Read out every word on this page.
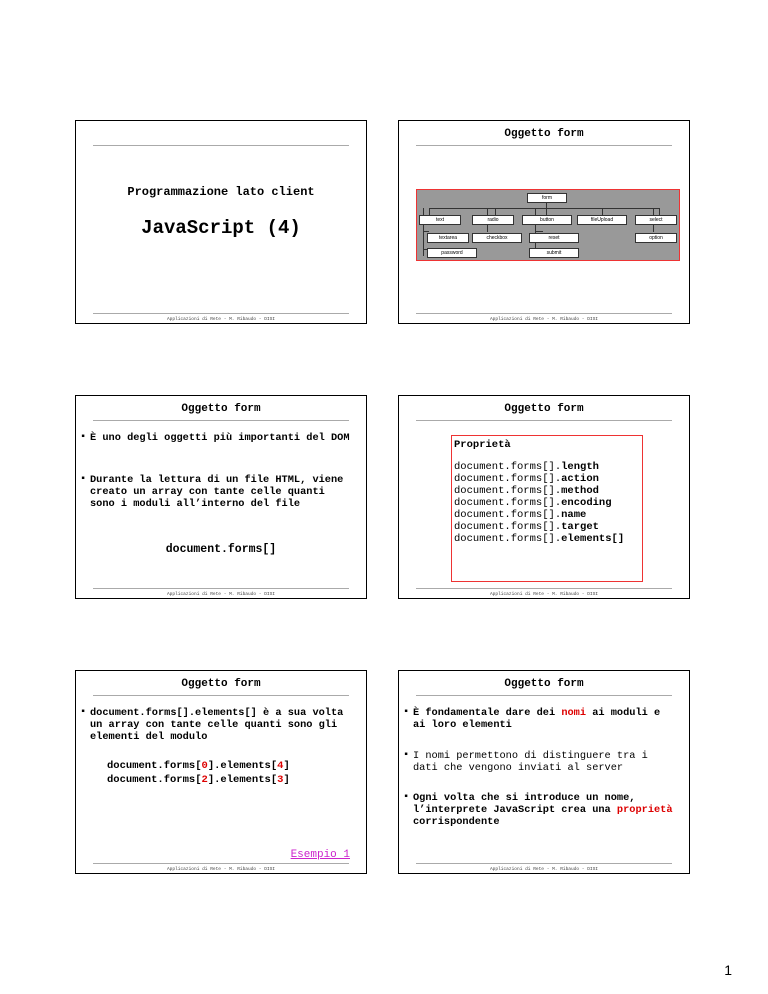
Programmazione lato client
JavaScript (4)
Applicazioni di Rete - M. Ribaudo - DISI
Oggetto form
form
text	radio	button	fileUpload	select
textarea	checkbox	reset	option
password	submit
Applicazioni di Rete - M. Ribaudo - DISI
Oggetto form
▪ È uno degli oggetti più importanti del DOM
▪ Durante la lettura di un file HTML, viene creato un array con tante celle quanti sono i moduli all’interno del file
document.forms[]
Applicazioni di Rete - M. Ribaudo - DISI
Oggetto form
Proprietà
document.forms[].length
document.forms[].action
document.forms[].method
document.forms[].encoding
document.forms[].name
document.forms[].target
document.forms[].elements[]
Applicazioni di Rete - M. Ribaudo - DISI
Oggetto form
▪ document.forms[].elements[] è a sua volta un array con tante celle quanti sono gli elementi del modulo
document.forms[0].elements[4]
document.forms[2].elements[3]
Esempio 1
Applicazioni di Rete - M. Ribaudo - DISI
Oggetto form
▪ È fondamentale dare dei nomi ai moduli e ai loro elementi
▪ I nomi permettono di distinguere tra i dati che vengono inviati al server
▪ Ogni volta che si introduce un nome, l’interprete JavaScript crea una proprietà corrispondente
Applicazioni di Rete - M. Ribaudo - DISI
1
